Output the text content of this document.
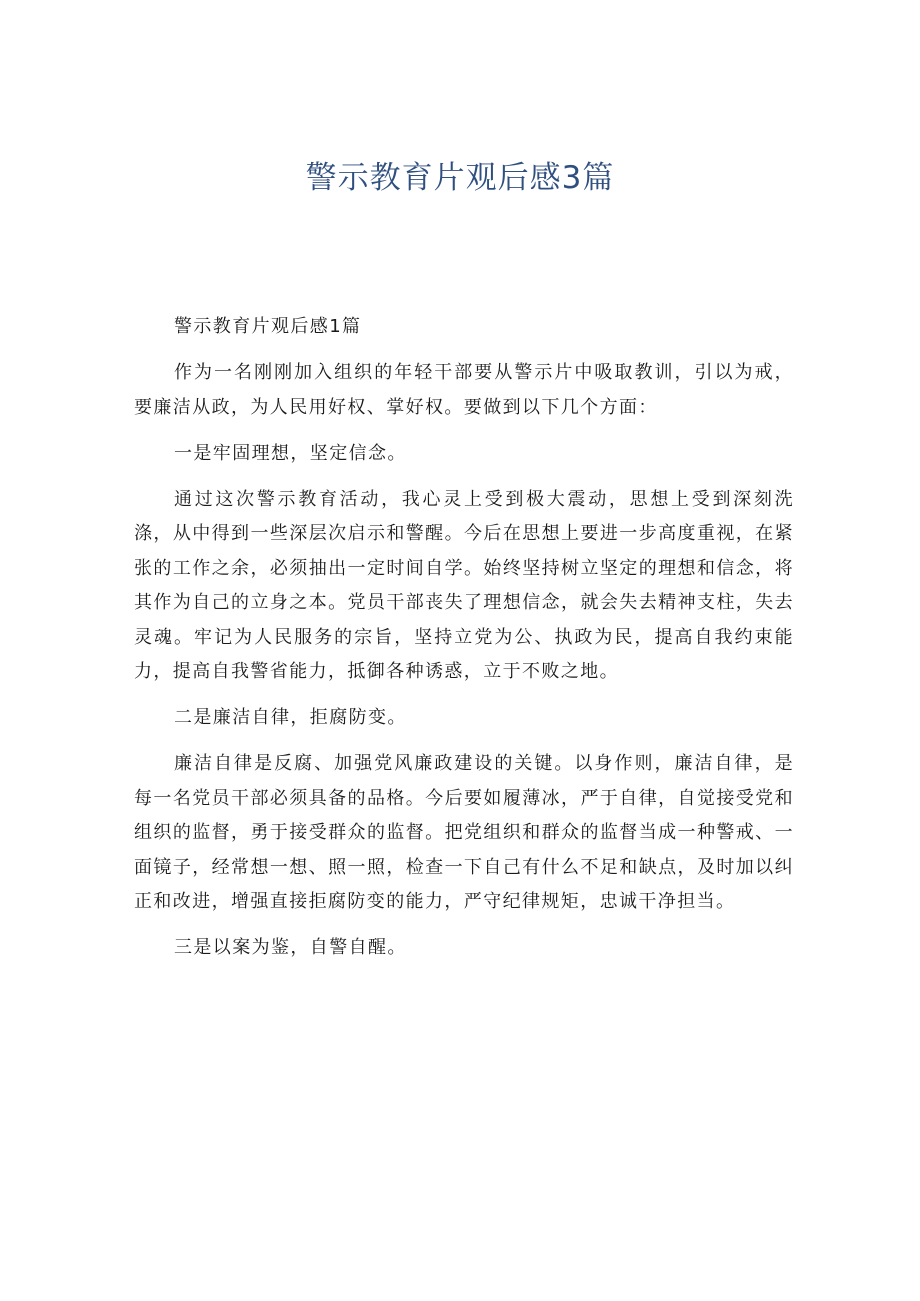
警示教育片观后感3篇

警示教育片观后感1篇

作为一名刚刚加入组织的年轻干部要从警示片中吸取教训，引以为戒，要廉洁从政，为人民用好权、掌好权。要做到以下几个方面：

一是牢固理想，坚定信念。

通过这次警示教育活动，我心灵上受到极大震动，思想上受到深刻洗涤，从中得到一些深层次启示和警醒。今后在思想上要进一步高度重视，在紧张的工作之余，必须抽出一定时间自学。始终坚持树立坚定的理想和信念，将其作为自己的立身之本。党员干部丧失了理想信念，就会失去精神支柱，失去灵魂。牢记为人民服务的宗旨，坚持立党为公、执政为民，提高自我约束能力，提高自我警省能力，抵御各种诱惑，立于不败之地。

二是廉洁自律，拒腐防变。

廉洁自律是反腐、加强党风廉政建设的关键。以身作则，廉洁自律，是每一名党员干部必须具备的品格。今后要如履薄冰，严于自律，自觉接受党和组织的监督，勇于接受群众的监督。把党组织和群众的监督当成一种警戒、一面镜子，经常想一想、照一照，检查一下自己有什么不足和缺点，及时加以纠正和改进，增强直接拒腐防变的能力，严守纪律规矩，忠诚干净担当。

三是以案为鉴，自警自醒。
